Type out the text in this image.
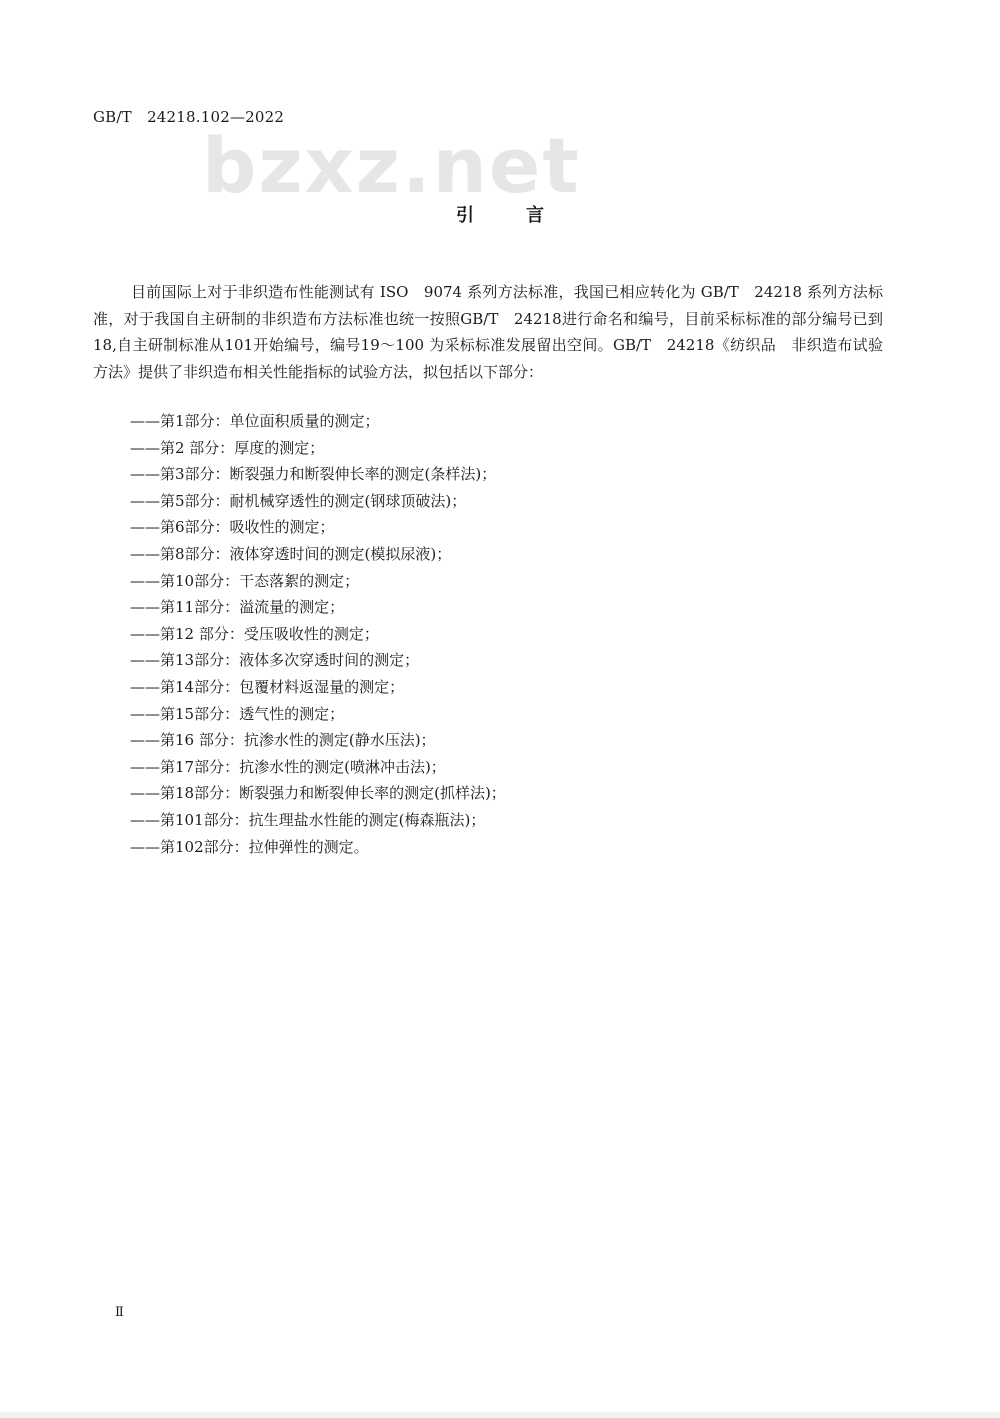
GB/T　24218.102—2022
bzxz.net
引言

目前国际上对于非织造布性能测试有 ISO　9074 系列方法标准，我国已相应转化为 GB/T　24218 系列方法标准，对于我国自主研制的非织造布方法标准也统一按照GB/T　24218进行命名和编号，目前采标标准的部分编号已到18,自主研制标准从101开始编号，编号19～100 为采标标准发展留出空间。GB/T　24218《纺织品　非织造布试验方法》提供了非织造布相关性能指标的试验方法，拟包括以下部分：

——第1部分：单位面积质量的测定；
——第2 部分：厚度的测定；
——第3部分：断裂强力和断裂伸长率的测定(条样法)；
——第5部分：耐机械穿透性的测定(钢球顶破法)；
——第6部分：吸收性的测定；
——第8部分：液体穿透时间的测定(模拟尿液)；
——第10部分：干态落絮的测定；
——第11部分：溢流量的测定；
——第12 部分：受压吸收性的测定；
——第13部分：液体多次穿透时间的测定；
——第14部分：包覆材料返湿量的测定；
——第15部分：透气性的测定；
——第16 部分：抗渗水性的测定(静水压法)；
——第17部分：抗渗水性的测定(喷淋冲击法)；
——第18部分：断裂强力和断裂伸长率的测定(抓样法)；
——第101部分：抗生理盐水性能的测定(梅森瓶法)；
——第102部分：拉伸弹性的测定。
Ⅱ
